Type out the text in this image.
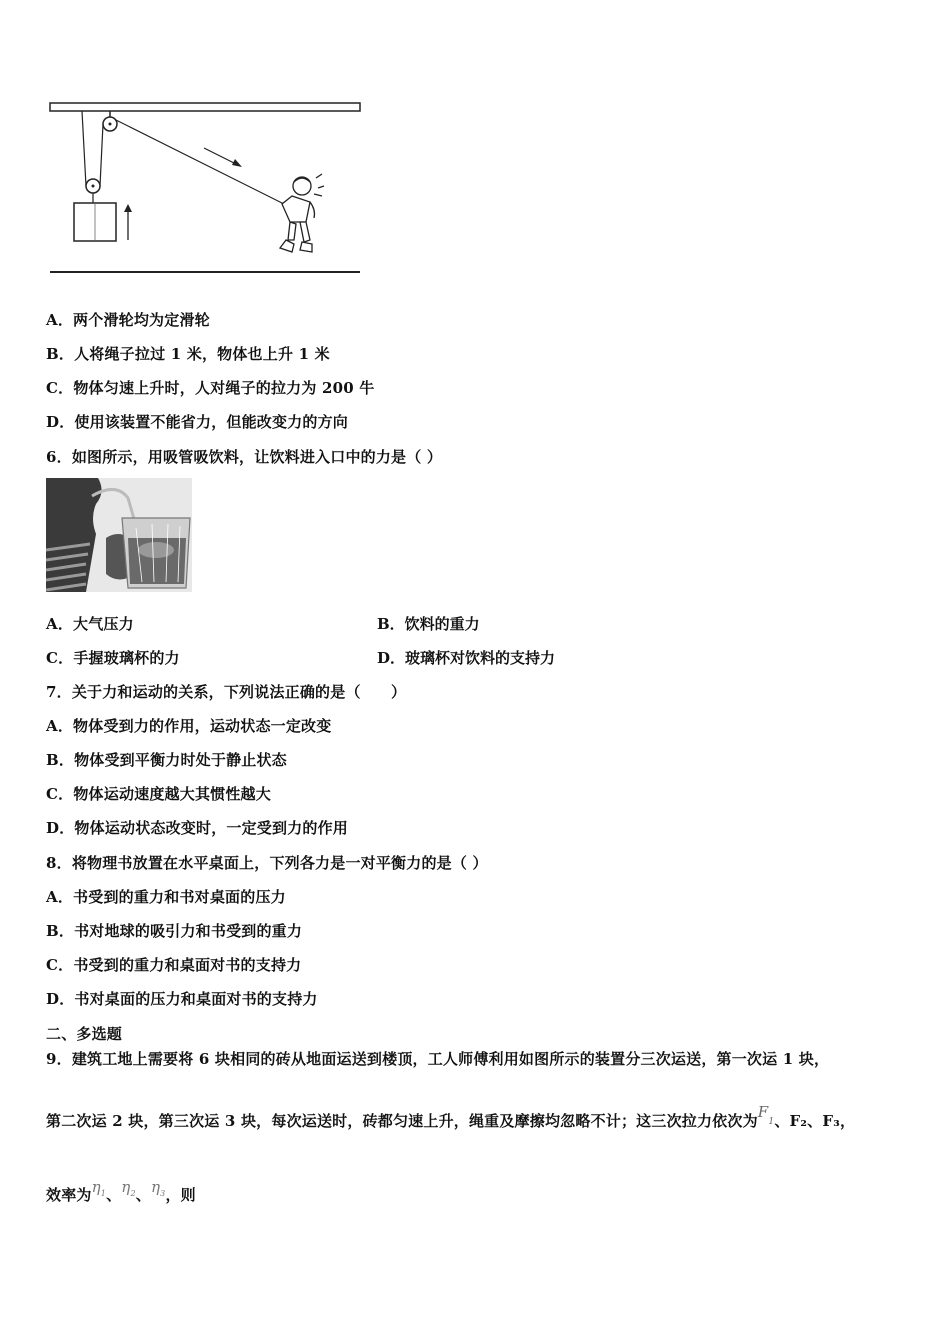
A．两个滑轮均为定滑轮
B．人将绳子拉过 1 米，物体也上升 1 米
C．物体匀速上升时，人对绳子的拉力为 200 牛
D．使用该装置不能省力，但能改变力的方向
6．如图所示，用吸管吸饮料，让饮料进入口中的力是（ ）
A．大气压力	B．饮料的重力
C．手握玻璃杯的力	D．玻璃杯对饮料的支持力
7．关于力和运动的关系，下列说法正确的是（　　）
A．物体受到力的作用，运动状态一定改变
B．物体受到平衡力时处于静止状态
C．物体运动速度越大其惯性越大
D．物体运动状态改变时，一定受到力的作用
8．将物理书放置在水平桌面上，下列各力是一对平衡力的是（ ）
A．书受到的重力和书对桌面的压力
B．书对地球的吸引力和书受到的重力
C．书受到的重力和桌面对书的支持力
D．书对桌面的压力和桌面对书的支持力
二、多选题
9．建筑工地上需要将 6 块相同的砖从地面运送到楼顶，工人师傅利用如图所示的装置分三次运送，第一次运 1 块，
第二次运 2 块，第三次运 3 块，每次运送时，砖都匀速上升，绳重及摩擦均忽略不计；这三次拉力依次为$F_1$、F₂、F₃，
效率为$\eta_1$、$\eta_2$、$\eta_3$，则
